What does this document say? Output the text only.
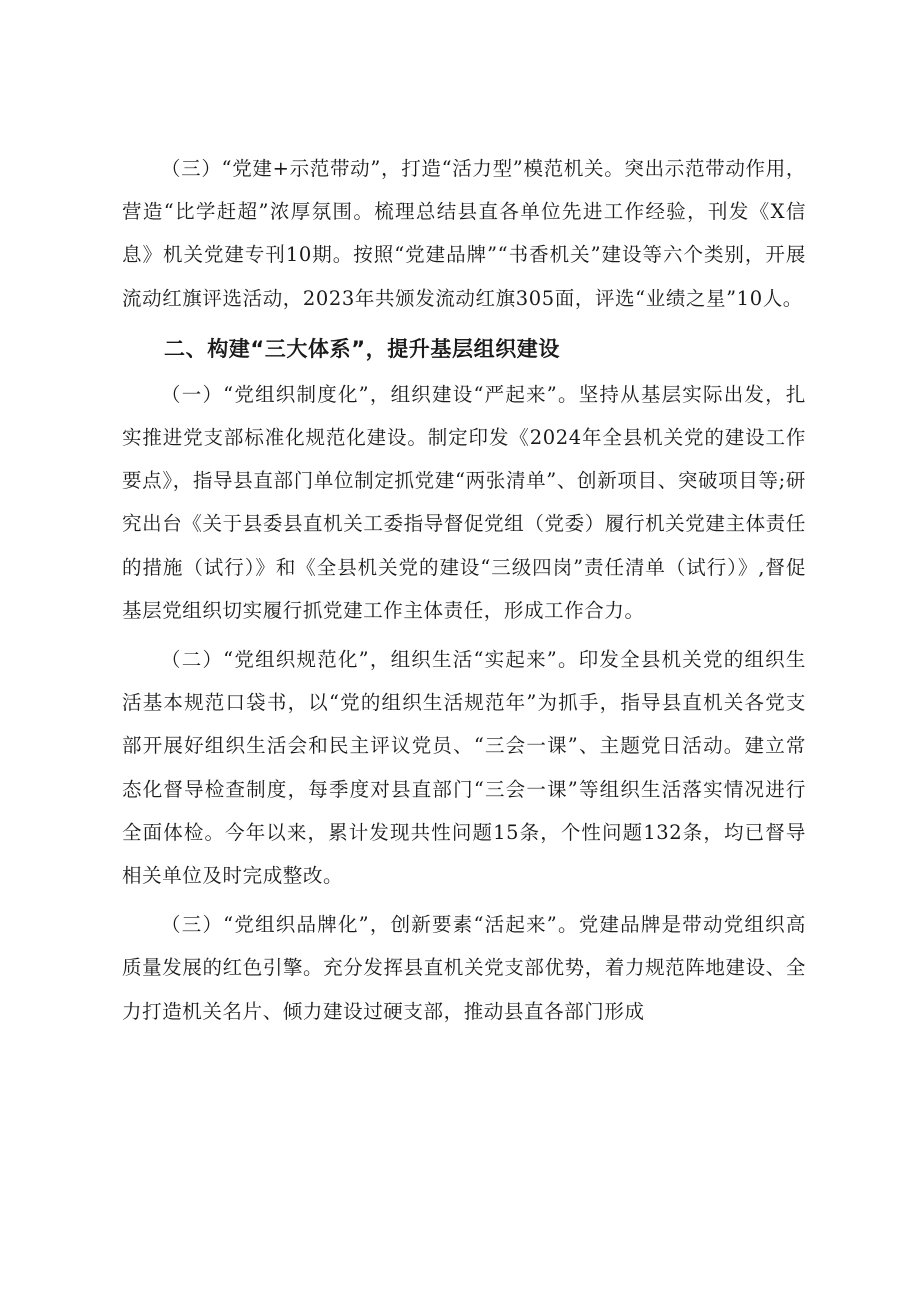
（三）“党建+示范带动”，打造“活力型”模范机关。突出示范带动作用，营造“比学赶超”浓厚氛围。梳理总结县直各单位先进工作经验，刊发《X信息》机关党建专刊10期。按照“党建品牌”“书香机关”建设等六个类别，开展流动红旗评选活动，2023年共颁发流动红旗305面，评选“业绩之星”10人。

二、构建“三大体系”，提升基层组织建设

（一）“党组织制度化”，组织建设“严起来”。坚持从基层实际出发，扎实推进党支部标准化规范化建设。制定印发《2024年全县机关党的建设工作要点》，指导县直部门单位制定抓党建“两张清单”、创新项目、突破项目等;研究出台《关于县委县直机关工委指导督促党组（党委）履行机关党建主体责任的措施（试行）》和《全县机关党的建设“三级四岗”责任清单（试行）》,督促基层党组织切实履行抓党建工作主体责任，形成工作合力。

（二）“党组织规范化”，组织生活“实起来”。印发全县机关党的组织生活基本规范口袋书，以“党的组织生活规范年”为抓手，指导县直机关各党支部开展好组织生活会和民主评议党员、“三会一课”、主题党日活动。建立常态化督导检查制度，每季度对县直部门“三会一课”等组织生活落实情况进行全面体检。今年以来，累计发现共性问题15条，个性问题132条，均已督导相关单位及时完成整改。

（三）“党组织品牌化”，创新要素“活起来”。党建品牌是带动党组织高质量发展的红色引擎。充分发挥县直机关党支部优势，着力规范阵地建设、全力打造机关名片、倾力建设过硬支部，推动县直各部门形成
